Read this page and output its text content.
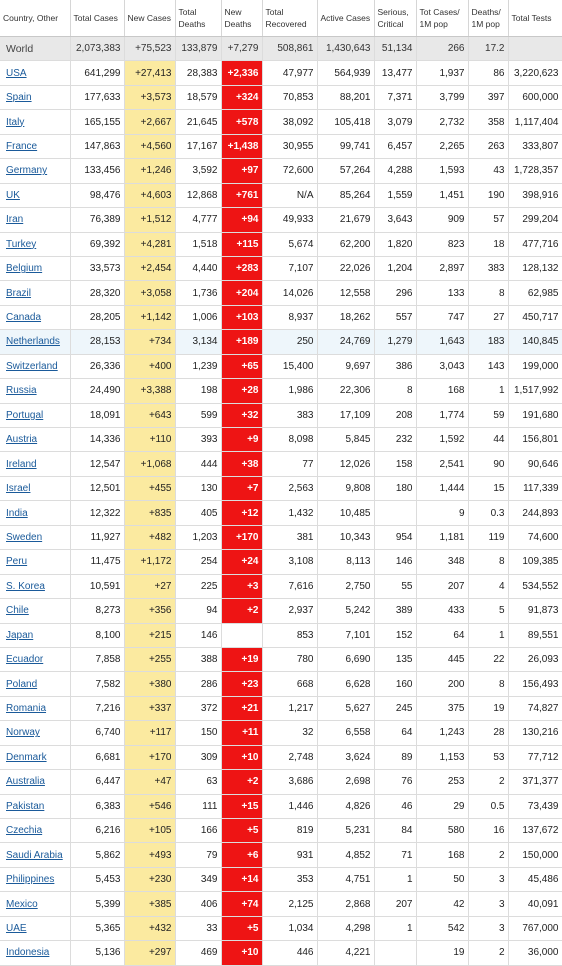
Country, Other	Total Cases	New Cases	Total Deaths	New Deaths	Total Recovered	Active Cases	Serious, Critical	Tot Cases/ 1M pop	Deaths/ 1M pop	Total Tests
World	2,073,383	+75,523	133,879	+7,279	508,861	1,430,643	51,134	266	17.2	
USA	641,299	+27,413	28,383	+2,336	47,977	564,939	13,477	1,937	86	3,220,623
Spain	177,633	+3,573	18,579	+324	70,853	88,201	7,371	3,799	397	600,000
Italy	165,155	+2,667	21,645	+578	38,092	105,418	3,079	2,732	358	1,117,404
France	147,863	+4,560	17,167	+1,438	30,955	99,741	6,457	2,265	263	333,807
Germany	133,456	+1,246	3,592	+97	72,600	57,264	4,288	1,593	43	1,728,357
UK	98,476	+4,603	12,868	+761	N/A	85,264	1,559	1,451	190	398,916
Iran	76,389	+1,512	4,777	+94	49,933	21,679	3,643	909	57	299,204
Turkey	69,392	+4,281	1,518	+115	5,674	62,200	1,820	823	18	477,716
Belgium	33,573	+2,454	4,440	+283	7,107	22,026	1,204	2,897	383	128,132
Brazil	28,320	+3,058	1,736	+204	14,026	12,558	296	133	8	62,985
Canada	28,205	+1,142	1,006	+103	8,937	18,262	557	747	27	450,717
Netherlands	28,153	+734	3,134	+189	250	24,769	1,279	1,643	183	140,845
Switzerland	26,336	+400	1,239	+65	15,400	9,697	386	3,043	143	199,000
Russia	24,490	+3,388	198	+28	1,986	22,306	8	168	1	1,517,992
Portugal	18,091	+643	599	+32	383	17,109	208	1,774	59	191,680
Austria	14,336	+110	393	+9	8,098	5,845	232	1,592	44	156,801
Ireland	12,547	+1,068	444	+38	77	12,026	158	2,541	90	90,646
Israel	12,501	+455	130	+7	2,563	9,808	180	1,444	15	117,339
India	12,322	+835	405	+12	1,432	10,485		9	0.3	244,893
Sweden	11,927	+482	1,203	+170	381	10,343	954	1,181	119	74,600
Peru	11,475	+1,172	254	+24	3,108	8,113	146	348	8	109,385
S. Korea	10,591	+27	225	+3	7,616	2,750	55	207	4	534,552
Chile	8,273	+356	94	+2	2,937	5,242	389	433	5	91,873
Japan	8,100	+215	146		853	7,101	152	64	1	89,551
Ecuador	7,858	+255	388	+19	780	6,690	135	445	22	26,093
Poland	7,582	+380	286	+23	668	6,628	160	200	8	156,493
Romania	7,216	+337	372	+21	1,217	5,627	245	375	19	74,827
Norway	6,740	+117	150	+11	32	6,558	64	1,243	28	130,216
Denmark	6,681	+170	309	+10	2,748	3,624	89	1,153	53	77,712
Australia	6,447	+47	63	+2	3,686	2,698	76	253	2	371,377
Pakistan	6,383	+546	111	+15	1,446	4,826	46	29	0.5	73,439
Czechia	6,216	+105	166	+5	819	5,231	84	580	16	137,672
Saudi Arabia	5,862	+493	79	+6	931	4,852	71	168	2	150,000
Philippines	5,453	+230	349	+14	353	4,751	1	50	3	45,486
Mexico	5,399	+385	406	+74	2,125	2,868	207	42	3	40,091
UAE	5,365	+432	33	+5	1,034	4,298	1	542	3	767,000
Indonesia	5,136	+297	469	+10	446	4,221		19	2	36,000
